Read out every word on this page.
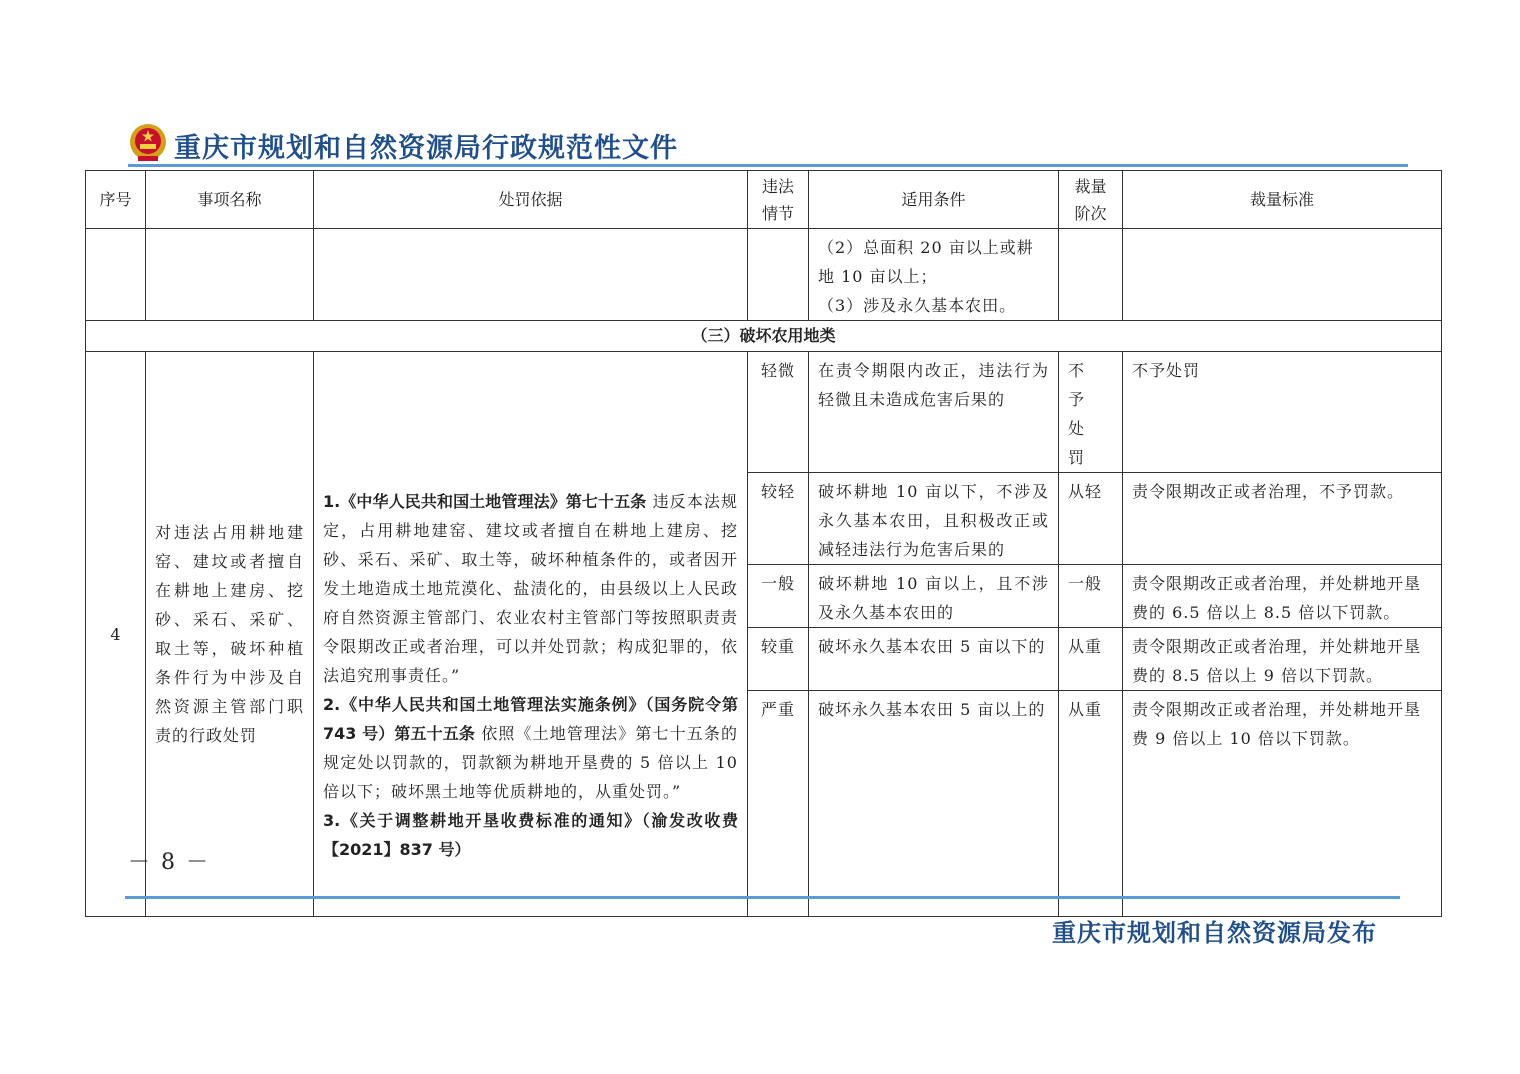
重庆市规划和自然资源局行政规范性文件
序号	事项名称	处罚依据	违法情节	适用条件	裁量阶次	裁量标准

				（2）总面积 20 亩以上或耕地 10 亩以上；
（3）涉及永久基本农田。		

（三）破坏农用地类						
4	对违法占用耕地建窑、建坟或者擅自在耕地上建房、挖砂、采石、采矿、取土等，破坏种植条件行为中涉及自然资源主管部门职责的行政处罚	1.《中华人民共和国土地管理法》第七十五条 违反本法规定，占用耕地建窑、建坟或者擅自在耕地上建房、挖砂、采石、采矿、取土等，破坏种植条件的，或者因开发土地造成土地荒漠化、盐渍化的，由县级以上人民政府自然资源主管部门、农业农村主管部门等按照职责责令限期改正或者治理，可以并处罚款；构成犯罪的，依法追究刑事责任。”
2.《中华人民共和国土地管理法实施条例》（国务院令第 743 号）第五十五条 依照《土地管理法》第七十五条的规定处以罚款的，罚款额为耕地开垦费的 5 倍以上 10 倍以下；破坏黑土地等优质耕地的，从重处罚。”
3.《关于调整耕地开垦收费标准的通知》（渝发改收费【2021】837 号）	轻微	在责令期限内改正，违法行为轻微且未造成危害后果的	不予处罚	不予处罚

			较轻	破坏耕地 10 亩以下，不涉及永久基本农田，且积极改正或减轻违法行为危害后果的	从轻	责令限期改正或者治理，不予罚款。

			一般	破坏耕地 10 亩以上，且不涉及永久基本农田的	一般	责令限期改正或者治理，并处耕地开垦费的 6.5 倍以上 8.5 倍以下罚款。

			较重	破坏永久基本农田 5 亩以下的	从重	责令限期改正或者治理，并处耕地开垦费的 8.5 倍以上 9 倍以下罚款。

			严重	破坏永久基本农田 5 亩以上的	从重	责令限期改正或者治理，并处耕地开垦费 9 倍以上 10 倍以下罚款。
－ 8 －
重庆市规划和自然资源局发布
